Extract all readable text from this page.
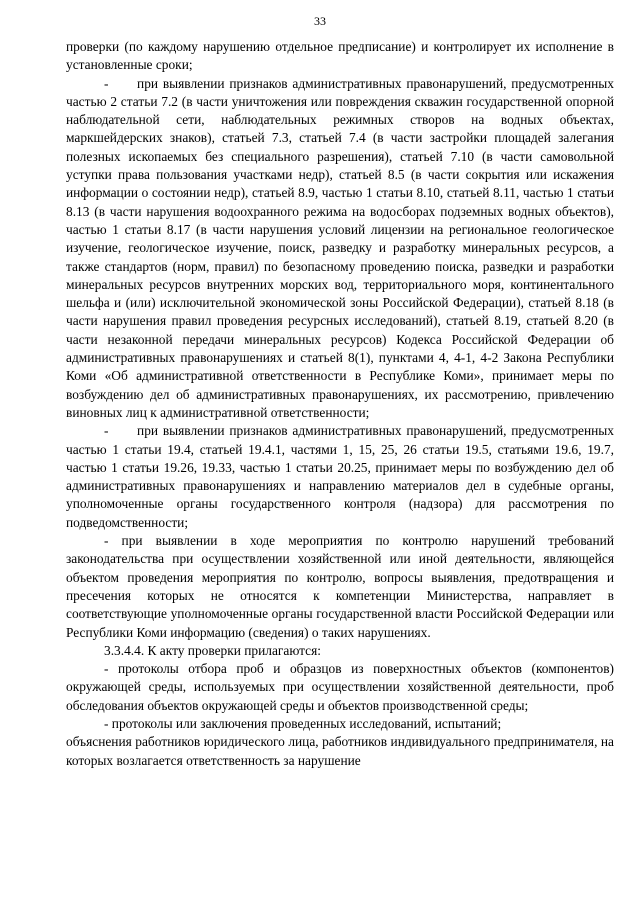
33

проверки (по каждому нарушению отдельное предписание) и контролирует их исполнение в установленные сроки;

-      при выявлении признаков административных правонарушений, предусмотренных частью 2 статьи 7.2 (в части уничтожения или повреждения скважин государственной опорной наблюдательной сети, наблюдательных режимных створов на водных объектах, маркшейдерских знаков), статьей 7.3, статьей 7.4 (в части застройки площадей залегания полезных ископаемых без специального разрешения), статьей 7.10 (в части самовольной уступки права пользования участками недр), статьей 8.5 (в части сокрытия или искажения информации о состоянии недр), статьей 8.9, частью 1 статьи 8.10, статьей 8.11, частью 1 статьи 8.13 (в части нарушения водоохранного режима на водосборах подземных водных объектов), частью 1 статьи 8.17 (в части нарушения условий лицензии на региональное геологическое изучение, геологическое изучение, поиск, разведку и разработку минеральных ресурсов, а также стандартов (норм, правил) по безопасному проведению поиска, разведки и разработки минеральных ресурсов внутренних морских вод, территориального моря, континентального шельфа и (или) исключительной экономической зоны Российской Федерации), статьей 8.18 (в части нарушения правил проведения ресурсных исследований), статьей 8.19, статьей 8.20 (в части незаконной передачи минеральных ресурсов) Кодекса Российской Федерации об административных правонарушениях и статьей 8(1), пунктами 4, 4-1, 4-2 Закона Республики Коми «Об административной ответственности в Республике Коми», принимает меры по возбуждению дел об административных правонарушениях, их рассмотрению, привлечению виновных лиц к административной ответственности;

-      при выявлении признаков административных правонарушений, предусмотренных частью 1 статьи 19.4, статьей 19.4.1, частями 1, 15, 25, 26 статьи 19.5, статьями 19.6, 19.7, частью 1 статьи 19.26, 19.33, частью 1 статьи 20.25, принимает меры по возбуждению дел об административных правонарушениях и направлению материалов дел в судебные органы, уполномоченные органы государственного контроля (надзора) для рассмотрения по подведомственности;

- при выявлении в ходе мероприятия по контролю нарушений требований законодательства при осуществлении хозяйственной или иной деятельности, являющейся объектом проведения мероприятия по контролю, вопросы выявления, предотвращения и пресечения которых не относятся к компетенции Министерства, направляет в соответствующие уполномоченные органы государственной власти Российской Федерации или Республики Коми информацию (сведения) о таких нарушениях.

3.3.4.4. К акту проверки прилагаются:

- протоколы отбора проб и образцов из поверхностных объектов (компонентов) окружающей среды, используемых при осуществлении хозяйственной деятельности, проб обследования объектов окружающей среды и объектов производственной среды;

- протоколы или заключения проведенных исследований, испытаний;

объяснения работников юридического лица, работников индивидуального предпринимателя, на которых возлагается ответственность за нарушение
